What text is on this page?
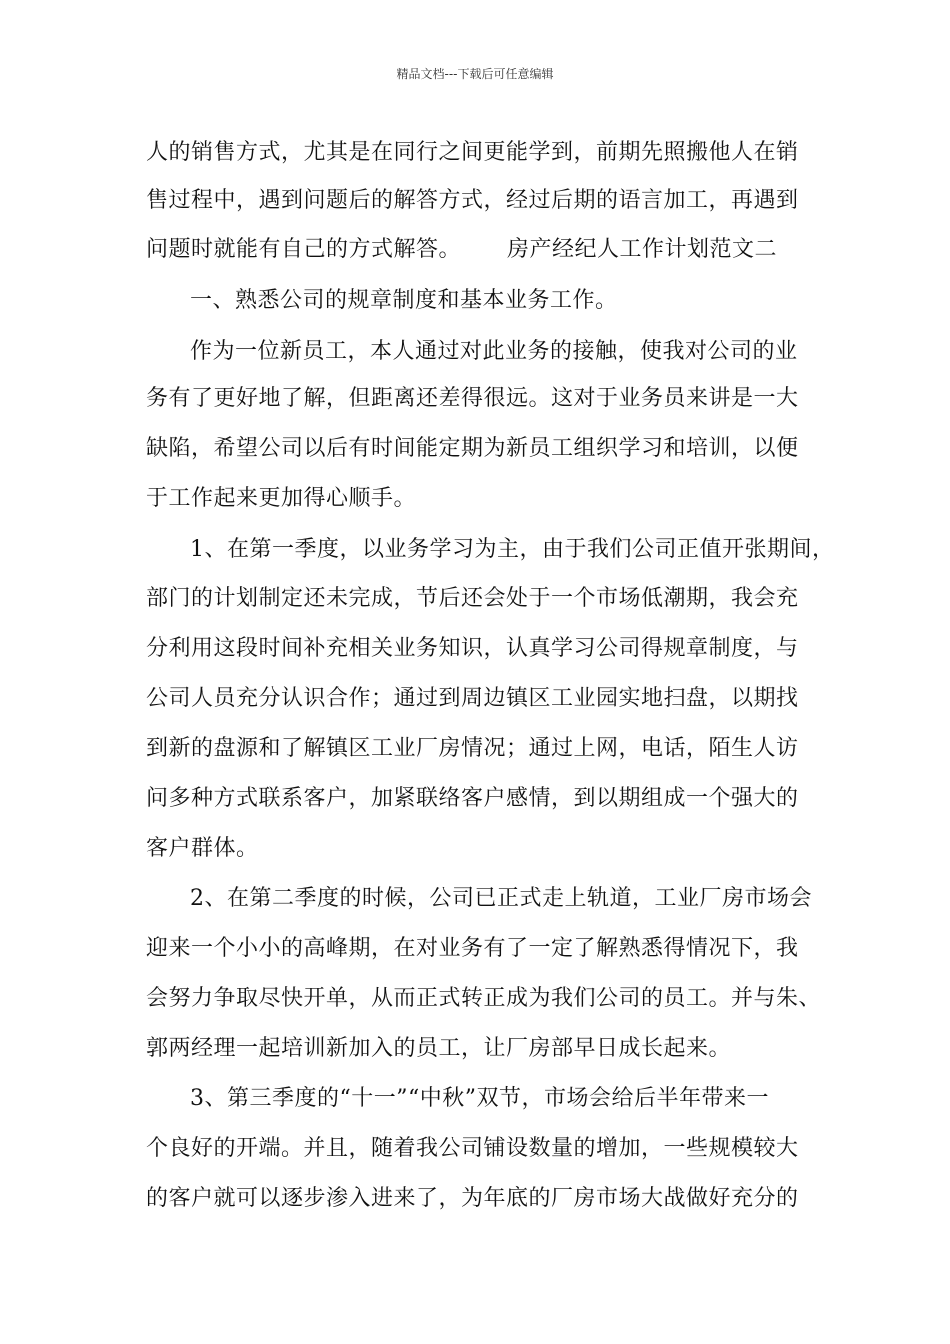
精品文档---下载后可任意编辑
人的销售方式，尤其是在同行之间更能学到，前期先照搬他人在销
售过程中，遇到问题后的解答方式，经过后期的语言加工，再遇到
问题时就能有自己的方式解答。 房产经纪人工作计划范文二
一、熟悉公司的规章制度和基本业务工作。
作为一位新员工，本人通过对此业务的接触，使我对公司的业
务有了更好地了解，但距离还差得很远。这对于业务员来讲是一大
缺陷，希望公司以后有时间能定期为新员工组织学习和培训，以便
于工作起来更加得心顺手。
1、在第一季度，以业务学习为主，由于我们公司正值开张期间，
部门的计划制定还未完成，节后还会处于一个市场低潮期，我会充
分利用这段时间补充相关业务知识，认真学习公司得规章制度，与
公司人员充分认识合作；通过到周边镇区工业园实地扫盘，以期找
到新的盘源和了解镇区工业厂房情况；通过上网，电话，陌生人访
问多种方式联系客户，加紧联络客户感情，到以期组成一个强大的
客户群体。
2、在第二季度的时候，公司已正式走上轨道，工业厂房市场会
迎来一个小小的高峰期，在对业务有了一定了解熟悉得情况下，我
会努力争取尽快开单，从而正式转正成为我们公司的员工。并与朱、
郭两经理一起培训新加入的员工，让厂房部早日成长起来。
3、第三季度的“十一”“中秋”双节，市场会给后半年带来一
个良好的开端。并且，随着我公司铺设数量的增加，一些规模较大
的客户就可以逐步渗入进来了，为年底的厂房市场大战做好充分的
